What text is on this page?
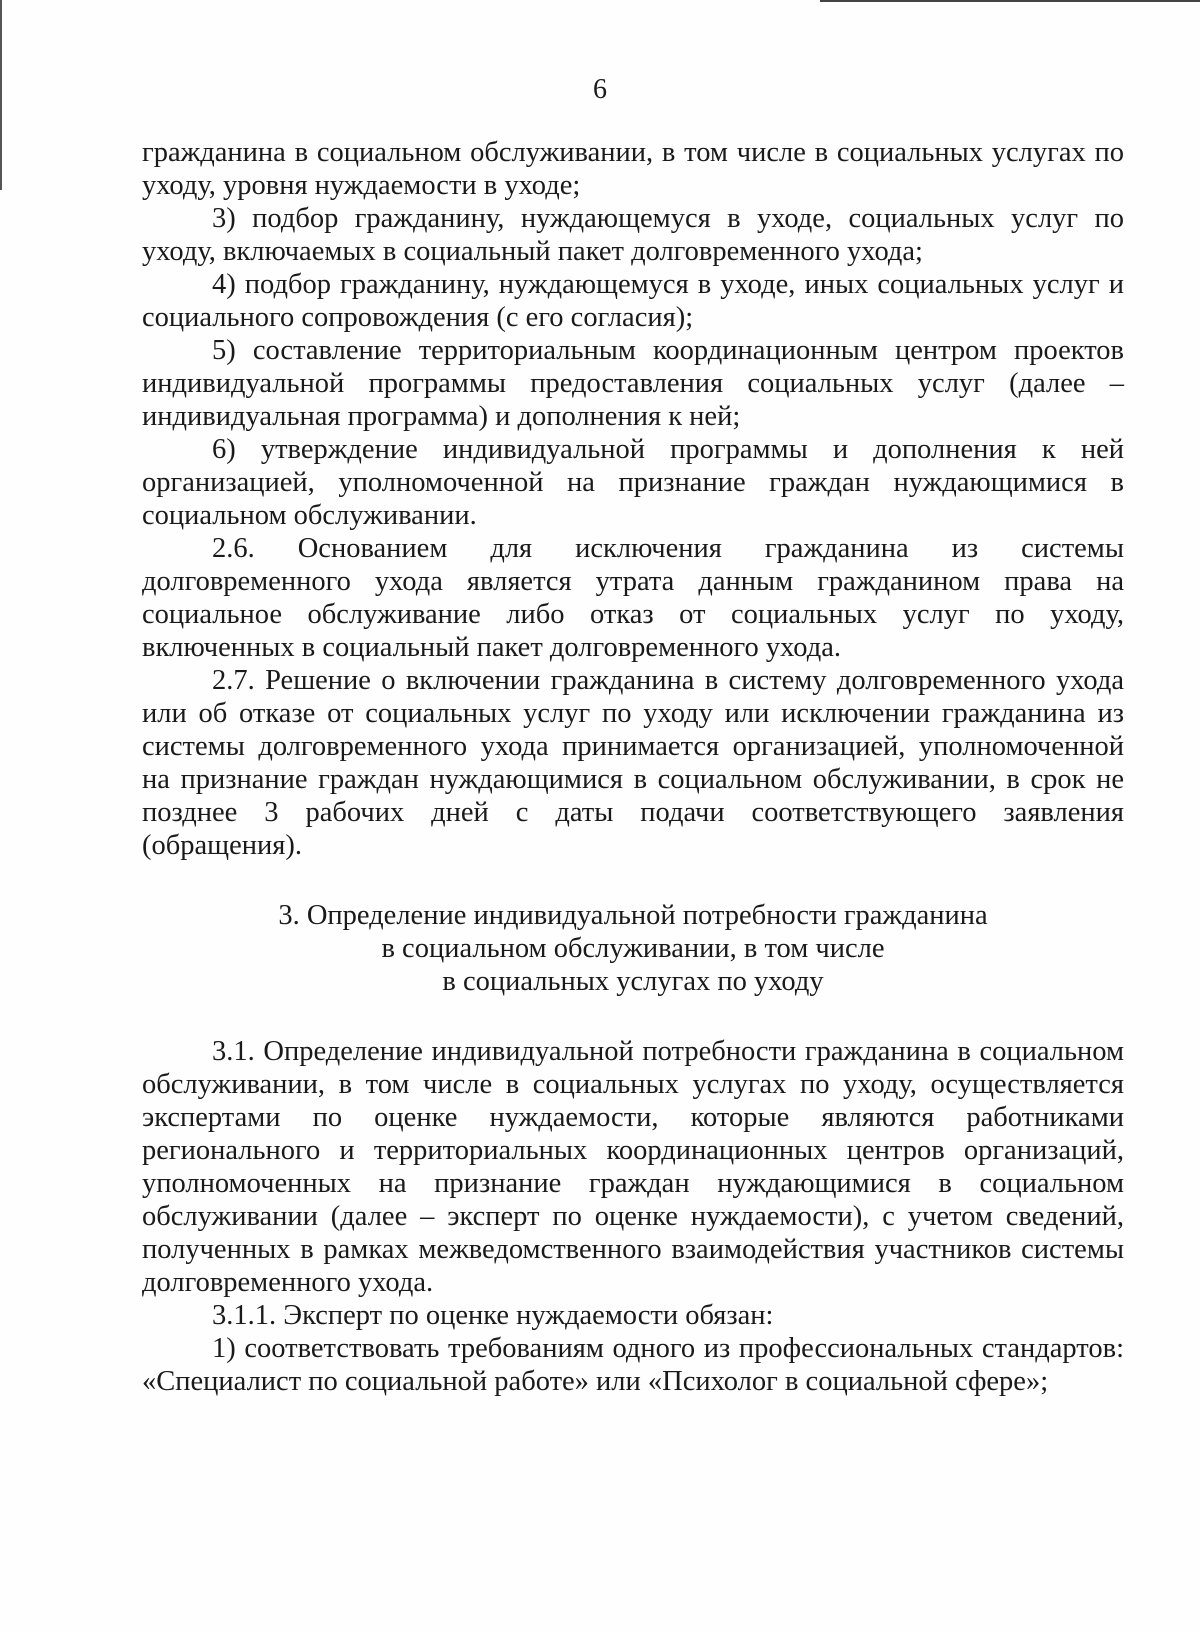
6

гражданина в социальном обслуживании, в том числе в социальных услугах по уходу, уровня нуждаемости в уходе;

3) подбор гражданину, нуждающемуся в уходе, социальных услуг по уходу, включаемых в социальный пакет долговременного ухода;

4) подбор гражданину, нуждающемуся в уходе, иных социальных услуг и социального сопровождения (с его согласия);

5) составление территориальным координационным центром проектов индивидуальной программы предоставления социальных услуг (далее – индивидуальная программа) и дополнения к ней;

6) утверждение индивидуальной программы и дополнения к ней организацией, уполномоченной на признание граждан нуждающимися в социальном обслуживании.

2.6. Основанием для исключения гражданина из системы долговременного ухода является утрата данным гражданином права на социальное обслуживание либо отказ от социальных услуг по уходу, включенных в социальный пакет долговременного ухода.

2.7. Решение о включении гражданина в систему долговременного ухода или об отказе от социальных услуг по уходу или исключении гражданина из системы долговременного ухода принимается организацией, уполномоченной на признание граждан нуждающимися в социальном обслуживании, в срок не позднее 3 рабочих дней с даты подачи соответствующего заявления (обращения).

3. Определение индивидуальной потребности гражданина
в социальном обслуживании, в том числе
в социальных услугах по уходу

3.1. Определение индивидуальной потребности гражданина в социальном обслуживании, в том числе в социальных услугах по уходу, осуществляется экспертами по оценке нуждаемости, которые являются работниками регионального и территориальных координационных центров организаций, уполномоченных на признание граждан нуждающимися в социальном обслуживании (далее – эксперт по оценке нуждаемости), с учетом сведений, полученных в рамках межведомственного взаимодействия участников системы долговременного ухода.

3.1.1. Эксперт по оценке нуждаемости обязан:

1) соответствовать требованиям одного из профессиональных стандартов: «Специалист по социальной работе» или «Психолог в социальной сфере»;
